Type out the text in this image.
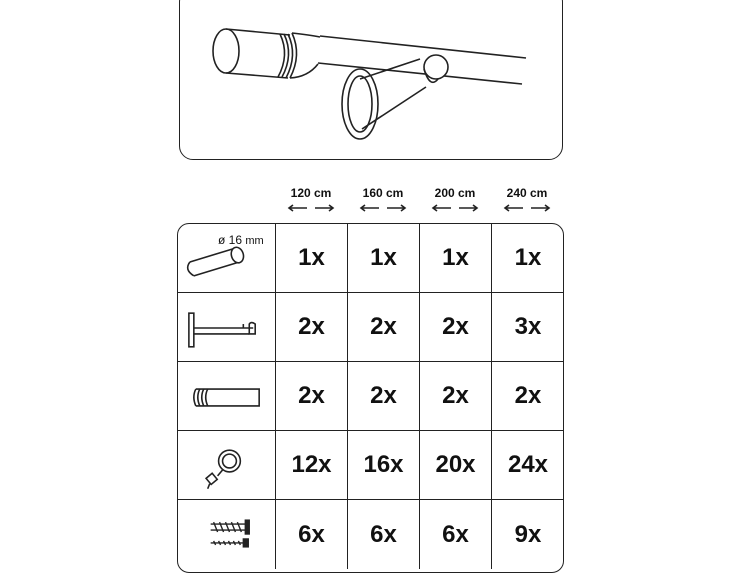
120 cm	160 cm	200 cm	240 cm
ø 16 mm
1x	1x	1x	1x
2x	2x	2x	3x
2x	2x	2x	2x
12x	16x	20x	24x
6x	6x	6x	9x
